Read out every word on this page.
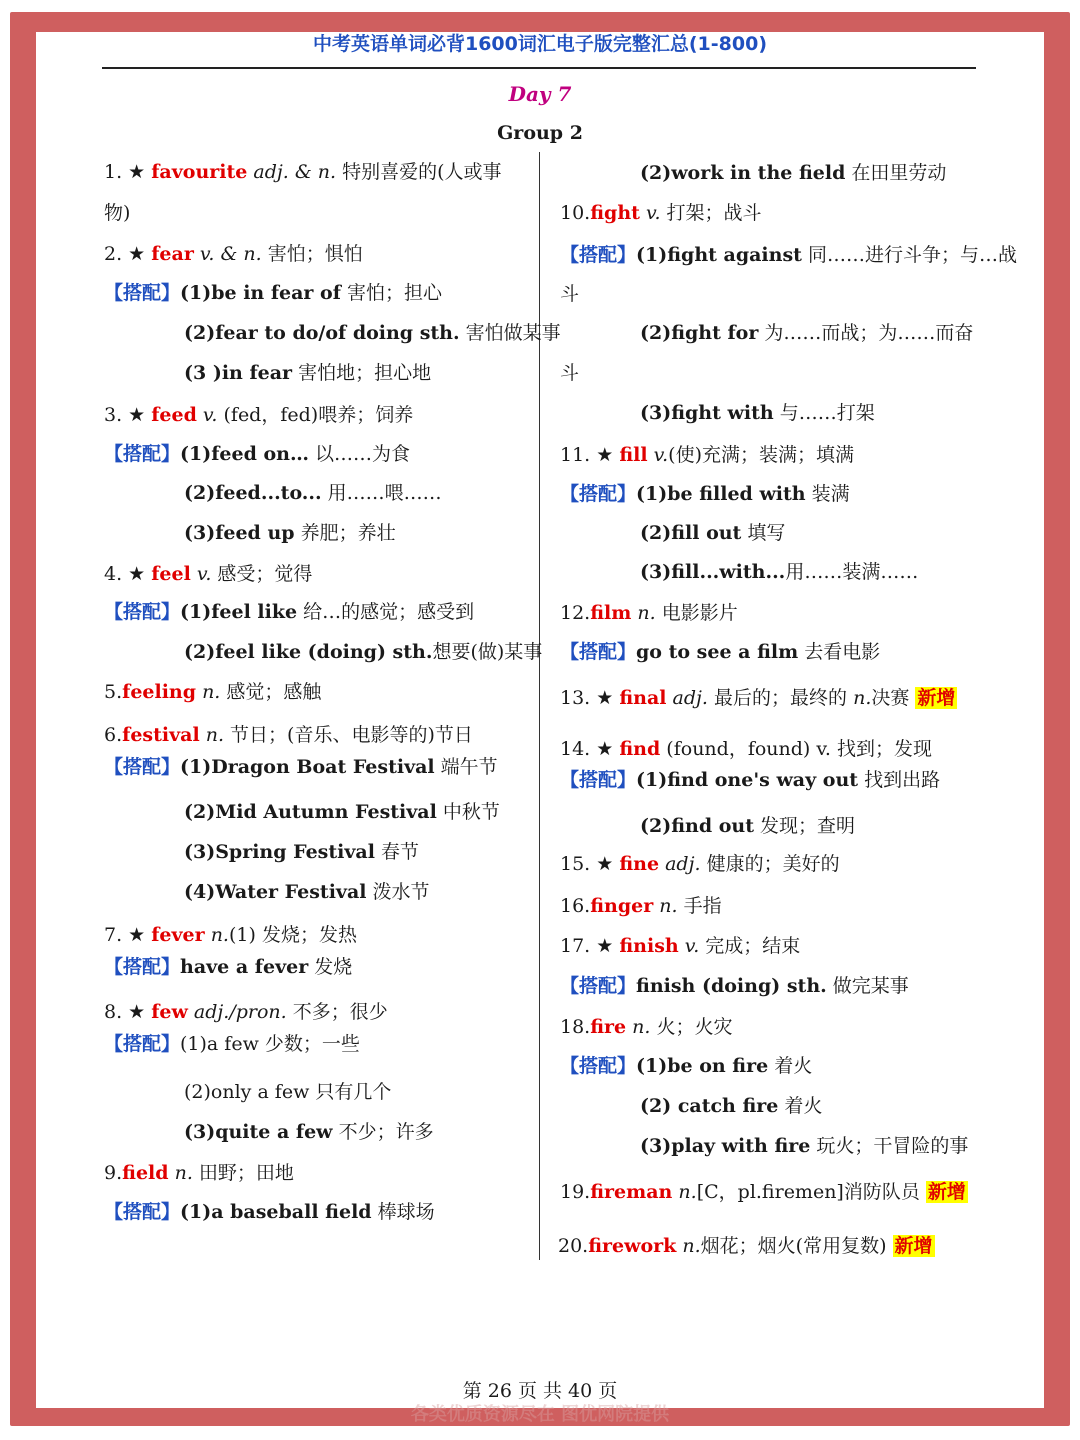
中考英语单词必背1600词汇电子版完整汇总(1-800)
Day 7
Group 2
1. ★ favourite adj. & n. 特别喜爱的(人或事
物)
2. ★ fear v. & n. 害怕；惧怕
【搭配】(1)be in fear of 害怕；担心
(2)fear to do/of doing sth. 害怕做某事
(3 )in fear 害怕地；担心地
3. ★ feed v. (fed，fed)喂养；饲养
【搭配】(1)feed on… 以……为食
(2)feed...to... 用……喂……
(3)feed up 养肥；养壮
4. ★ feel v. 感受；觉得
【搭配】(1)feel like 给…的感觉；感受到
(2)feel like (doing) sth.想要(做)某事
5.feeling n. 感觉；感触
6.festival n. 节日；(音乐、电影等的)节日
【搭配】(1)Dragon Boat Festival 端午节
(2)Mid Autumn Festival 中秋节
(3)Spring Festival 春节
(4)Water Festival 泼水节
7. ★ fever n.(1) 发烧；发热
【搭配】have a fever 发烧
8. ★ few adj./pron. 不多；很少
【搭配】(1)a few 少数；一些
(2)only a few 只有几个
(3)quite a few 不少；许多
9.field n. 田野；田地
【搭配】(1)a baseball field 棒球场
(2)work in the field 在田里劳动
10.fight v. 打架；战斗
【搭配】(1)fight against 同……进行斗争；与…战
斗
(2)fight for 为……而战；为……而奋
斗
(3)fight with 与……打架
11. ★ fill v.(使)充满；装满；填满
【搭配】(1)be filled with 装满
(2)fill out 填写
(3)fill...with...用……装满……
12.film n. 电影影片
【搭配】go to see a film 去看电影
13. ★ final adj. 最后的；最终的 n.决赛 新增
14. ★ find (found，found) v. 找到；发现
【搭配】(1)find one's way out 找到出路
(2)find out 发现；查明
15. ★ fine adj. 健康的；美好的
16.finger n. 手指
17. ★ finish v. 完成；结束
【搭配】finish (doing) sth. 做完某事
18.fire n. 火；火灾
【搭配】(1)be on fire 着火
(2) catch fire 着火
(3)play with fire 玩火；干冒险的事
19.fireman n.[C，pl.firemen]消防队员 新增
20.firework n.烟花；烟火(常用复数) 新增
第 26 页 共 40 页
各类优质资源尽在 图优网院提供
